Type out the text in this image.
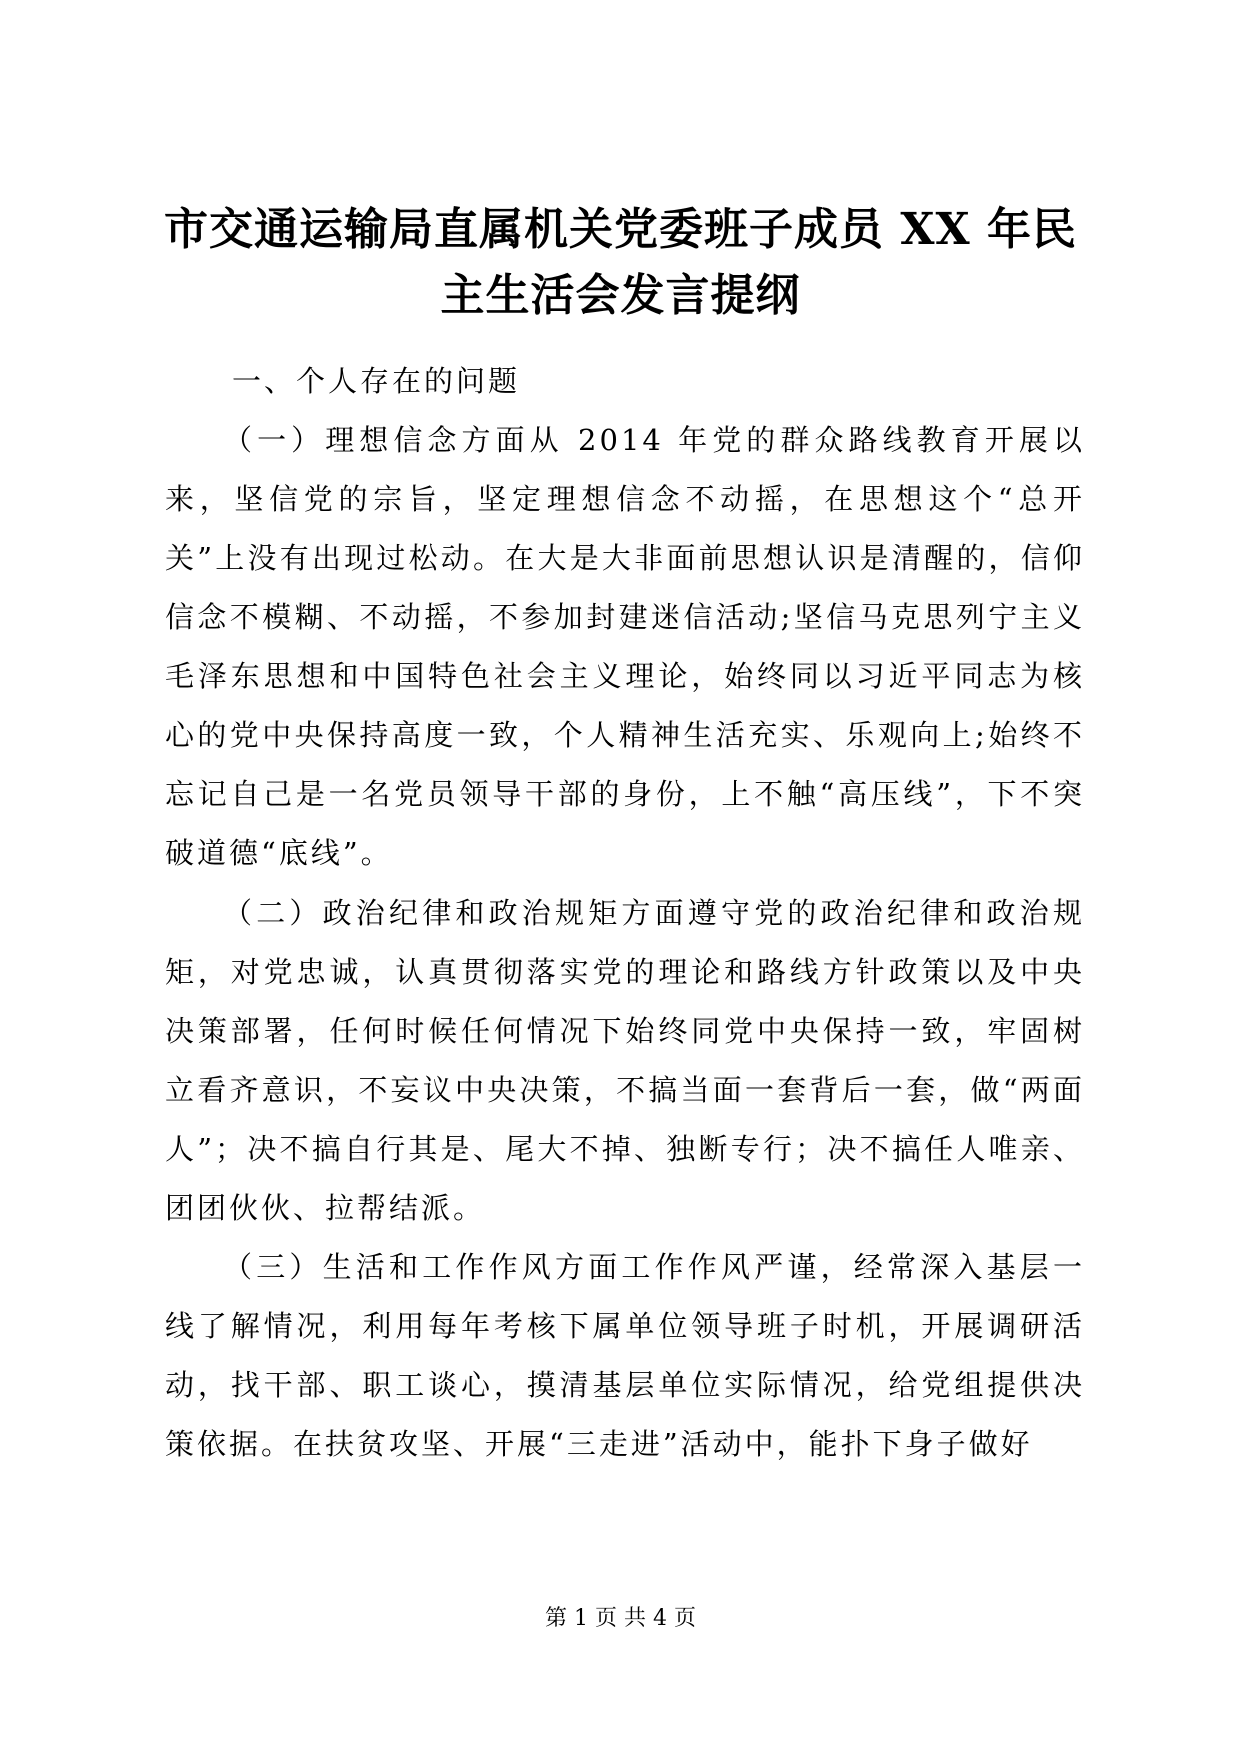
市交通运输局直属机关党委班子成员 XX 年民
主生活会发言提纲

一、个人存在的问题

（一）理想信念方面从 2014 年党的群众路线教育开展以来，坚信党的宗旨，坚定理想信念不动摇，在思想这个“总开关”上没有出现过松动。在大是大非面前思想认识是清醒的，信仰信念不模糊、不动摇，不参加封建迷信活动;坚信马克思列宁主义毛泽东思想和中国特色社会主义理论，始终同以习近平同志为核心的党中央保持高度一致，个人精神生活充实、乐观向上;始终不忘记自己是一名党员领导干部的身份，上不触“高压线”，下不突破道德“底线”。

（二）政治纪律和政治规矩方面遵守党的政治纪律和政治规矩，对党忠诚，认真贯彻落实党的理论和路线方针政策以及中央决策部署，任何时候任何情况下始终同党中央保持一致，牢固树立看齐意识，不妄议中央决策，不搞当面一套背后一套，做“两面人”；决不搞自行其是、尾大不掉、独断专行；决不搞任人唯亲、团团伙伙、拉帮结派。

（三）生活和工作作风方面工作作风严谨，经常深入基层一线了解情况，利用每年考核下属单位领导班子时机，开展调研活动，找干部、职工谈心，摸清基层单位实际情况，给党组提供决策依据。在扶贫攻坚、开展“三走进”活动中，能扑下身子做好

第 1 页 共 4 页
